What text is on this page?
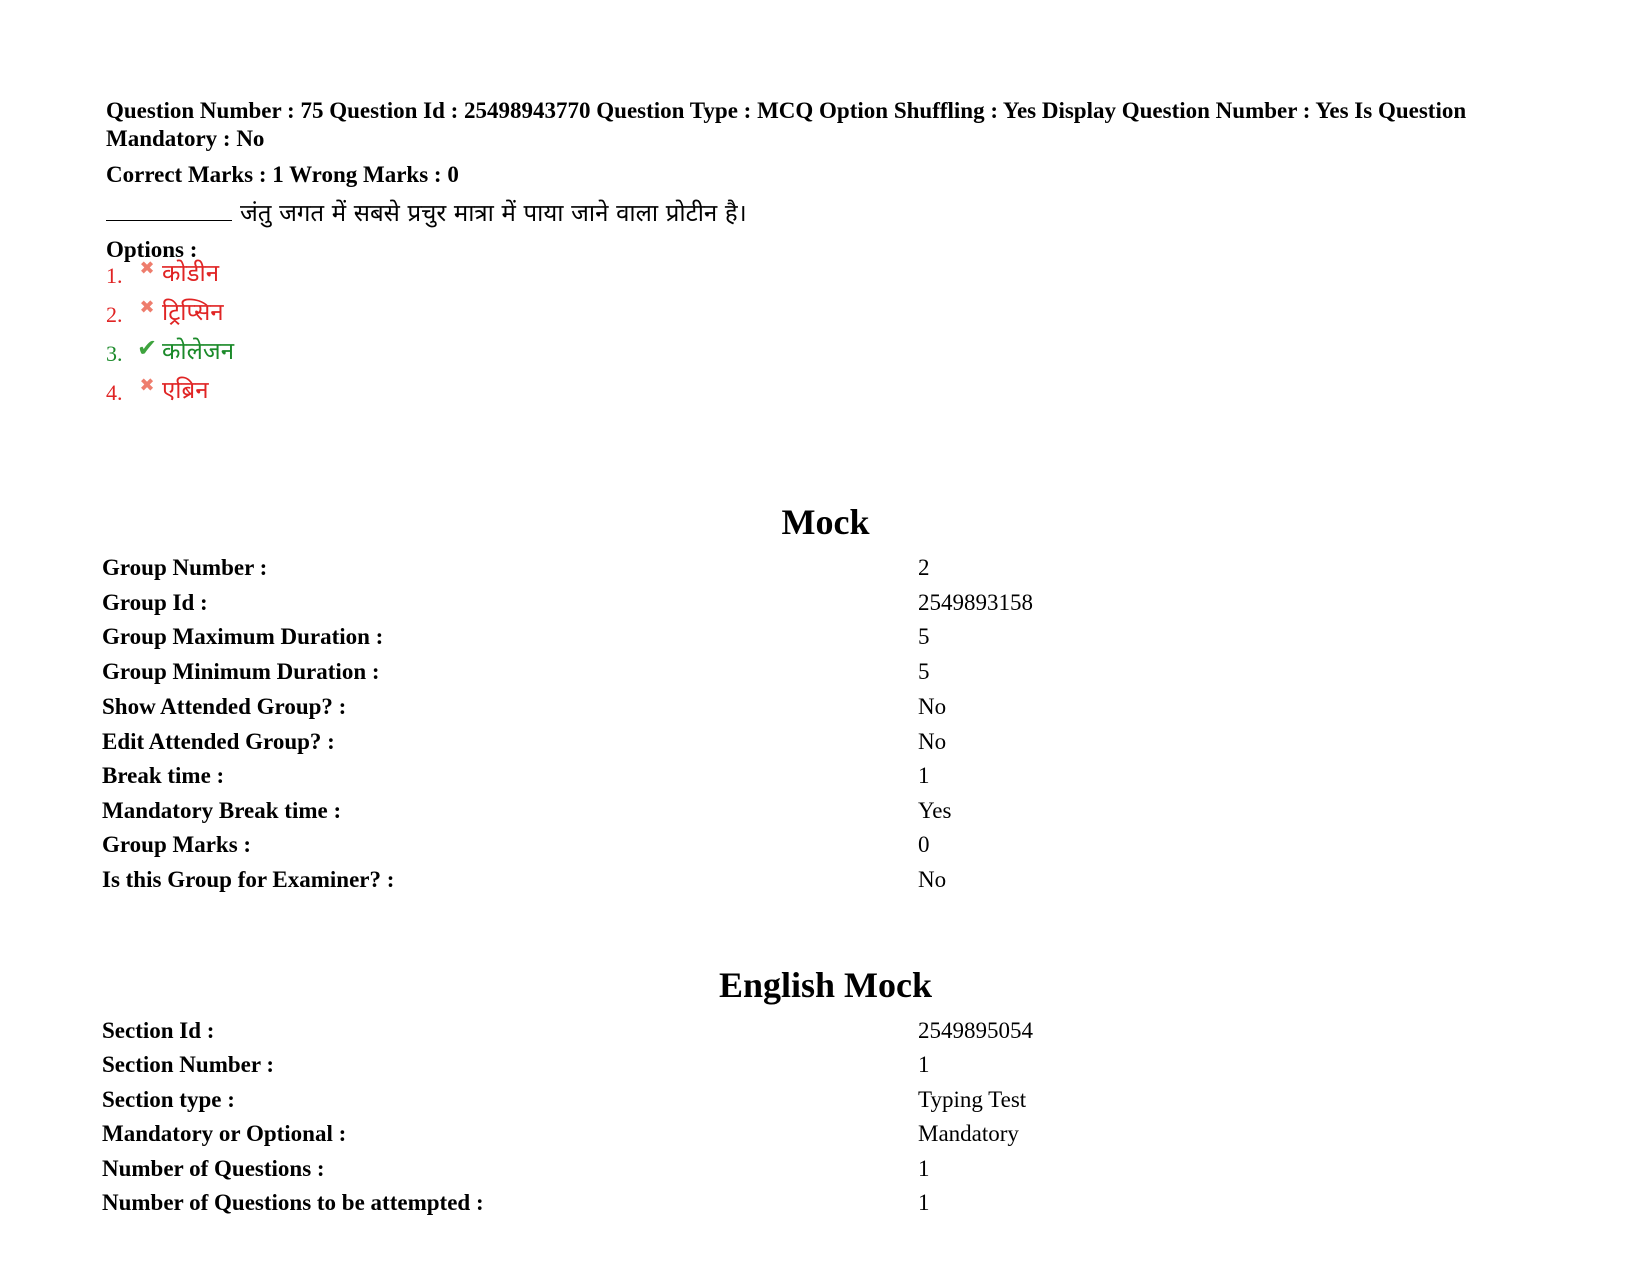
Question Number : 75 Question Id : 25498943770 Question Type : MCQ Option Shuffling : Yes Display Question Number : Yes Is Question Mandatory : No
Correct Marks : 1 Wrong Marks : 0
जंतु जगत में सबसे प्रचुर मात्रा में पाया जाने वाला प्रोटीन है।
Options :
1. ✖ कोडीन
2. ✖ ट्रिप्सिन
3. ✔ कोलेजन
4. ✖ एब्रिन
Mock
Group Number :	2
Group Id :	2549893158
Group Maximum Duration :	5
Group Minimum Duration :	5
Show Attended Group? :	No
Edit Attended Group? :	No
Break time :	1
Mandatory Break time :	Yes
Group Marks :	0
Is this Group for Examiner? :	No
English Mock
Section Id :	2549895054
Section Number :	1
Section type :	Typing Test
Mandatory or Optional :	Mandatory
Number of Questions :	1
Number of Questions to be attempted :	1
